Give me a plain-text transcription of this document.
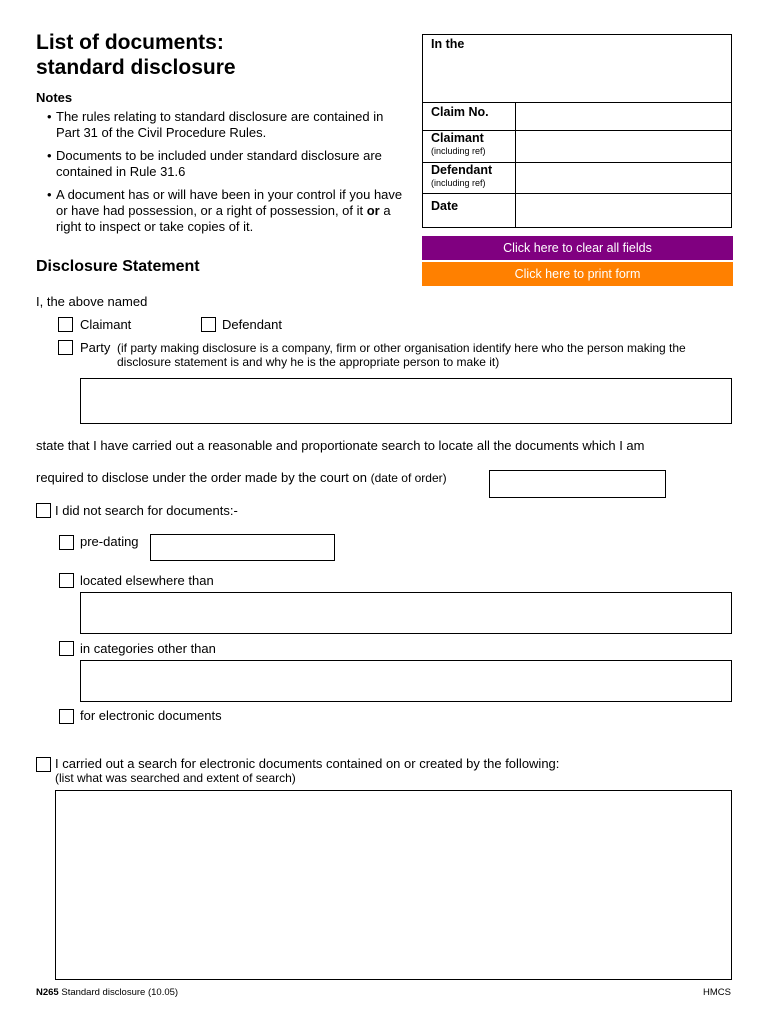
List of documents:
standard disclosure
Notes
• The rules relating to standard disclosure are contained in Part 31 of the Civil Procedure Rules.
• Documents to be included under standard disclosure are contained in Rule 31.6
• A document has or will have been in your control if you have or have had possession, or a right of possession, of it or a right to inspect or take copies of it.
In the
Claim No.
Claimant
(including ref)
Defendant
(including ref)
Date
Click here to clear all fields
Click here to print form
Disclosure Statement
I, the above named
Claimant	Defendant
Party (if party making disclosure is a company, firm or other organisation identify here who the person making the
disclosure statement is and why he is the appropriate person to make it)
state that I have carried out a reasonable and proportionate search to locate all the documents which I am
required to disclose under the order made by the court on (date of order)
I did not search for documents:-
pre-dating
located elsewhere than
in categories other than
for electronic documents
I carried out a search for electronic documents contained on or created by the following:
(list what was searched and extent of search)
N265 Standard disclosure (10.05)	HMCS
